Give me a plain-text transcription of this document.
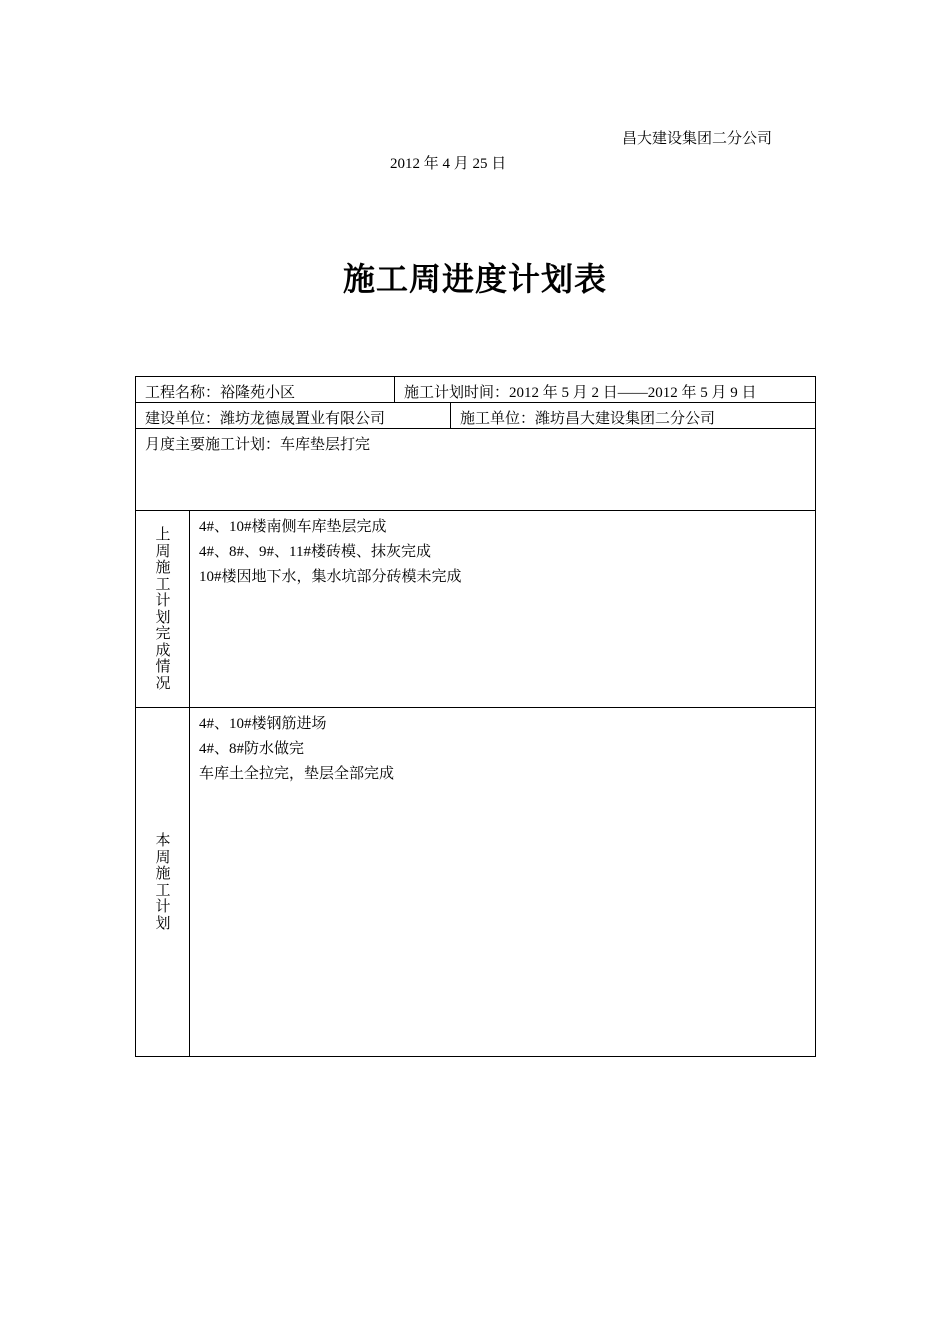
昌大建设集团二分公司
2012 年 4 月 25 日
施工周进度计划表
工程名称：裕隆苑小区	施工计划时间：2012 年 5 月 2 日——2012 年 5 月 9 日
建设单位：潍坊龙德晟置业有限公司	施工单位：潍坊昌大建设集团二分公司
月度主要施工计划：车库垫层打完
上
周
施
工
计
划
完
成
情
况
4#、10#楼南侧车库垫层完成
4#、8#、9#、11#楼砖模、抹灰完成
10#楼因地下水，集水坑部分砖模未完成
本
周
施
工
计
划
4#、10#楼钢筋进场
4#、8#防水做完
车库土全拉完，垫层全部完成
